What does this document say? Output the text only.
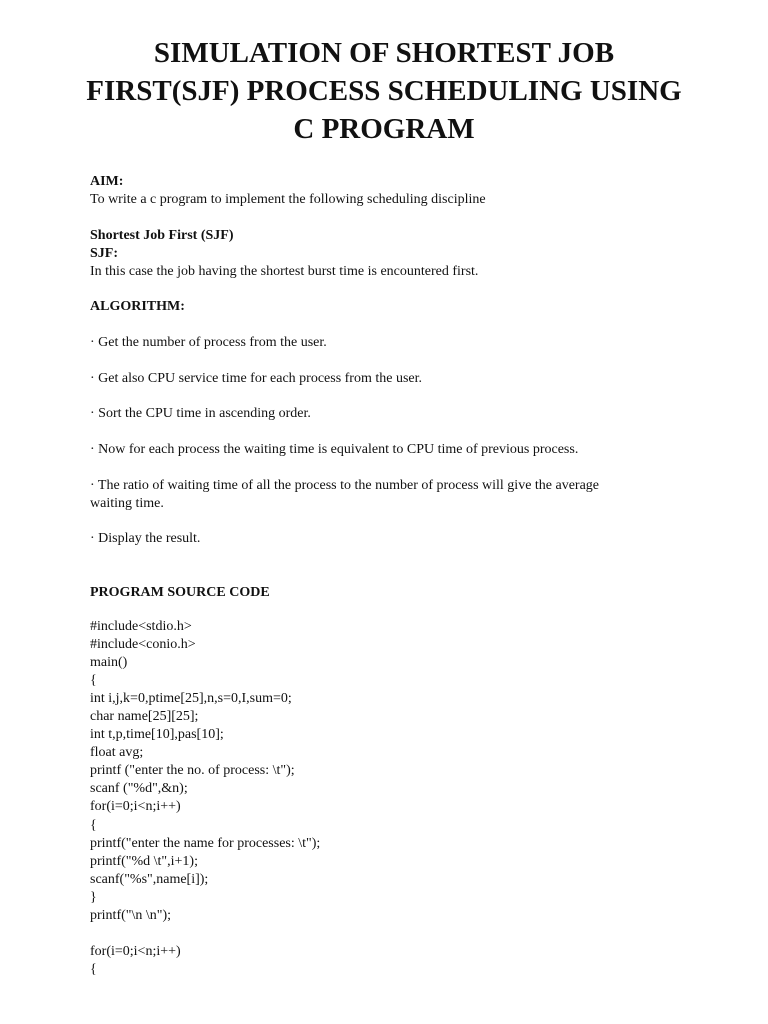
SIMULATION OF SHORTEST JOB
FIRST(SJF) PROCESS SCHEDULING USING
C PROGRAM
AIM:
To write a c program to implement the following scheduling discipline
Shortest Job First (SJF)
SJF:
In this case the job having the shortest burst time is encountered first.
ALGORITHM:
· Get the number of process from the user.
· Get also CPU service time for each process from the user.
· Sort the CPU time in ascending order.
· Now for each process the waiting time is equivalent to CPU time of previous process.
· The ratio of waiting time of all the process to the number of process will give the average
waiting time.
· Display the result.
PROGRAM SOURCE CODE
#include<stdio.h>
#include<conio.h>
main()
{
int i,j,k=0,ptime[25],n,s=0,I,sum=0;
char name[25][25];
int t,p,time[10],pas[10];
float avg;
printf ("enter the no. of process: \t");
scanf ("%d",&n);
for(i=0;i<n;i++)
{
printf("enter the name for processes: \t");
printf("%d \t",i+1);
scanf("%s",name[i]);
}
printf("\n \n");

for(i=0;i<n;i++)
{
